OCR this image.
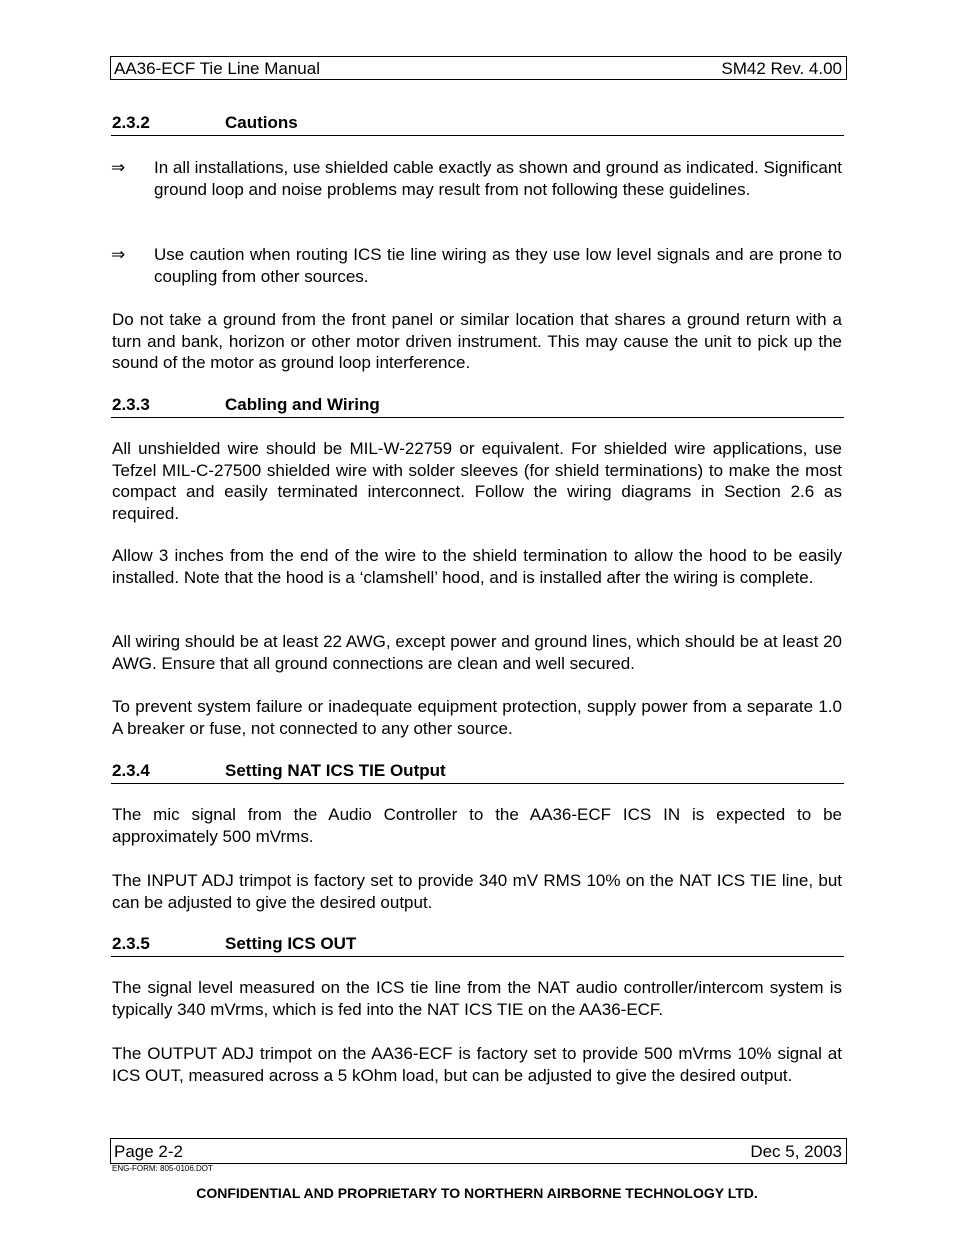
AA36-ECF Tie Line Manual	SM42 Rev. 4.00
2.3.2	Cautions
⇒	In all installations, use shielded cable exactly as shown and ground as indicated. Significant ground loop and noise problems may result from not following these guidelines.
⇒	Use caution when routing ICS tie line wiring as they use low level signals and are prone to coupling from other sources.

Do not take a ground from the front panel or similar location that shares a ground return with a turn and bank, horizon or other motor driven instrument. This may cause the unit to pick up the sound of the motor as ground loop interference.

2.3.3	Cabling and Wiring

All unshielded wire should be MIL-W-22759 or equivalent. For shielded wire applications, use Tefzel MIL-C-27500 shielded wire with solder sleeves (for shield terminations) to make the most compact and easily terminated interconnect. Follow the wiring diagrams in Section 2.6 as required.

Allow 3 inches from the end of the wire to the shield termination to allow the hood to be easily installed. Note that the hood is a ‘clamshell’ hood, and is installed after the wiring is complete.

All wiring should be at least 22 AWG, except power and ground lines, which should be at least 20 AWG. Ensure that all ground connections are clean and well secured.

To prevent system failure or inadequate equipment protection, supply power from a separate 1.0 A breaker or fuse, not connected to any other source.

2.3.4	Setting NAT ICS TIE Output

The mic signal from the Audio Controller to the AA36-ECF ICS IN is expected to be approximately 500 mVrms.

The INPUT ADJ trimpot is factory set to provide 340 mV RMS 10% on the NAT ICS TIE line, but can be adjusted to give the desired output.

2.3.5	Setting ICS OUT

The signal level measured on the ICS tie line from the NAT audio controller/intercom system is typically 340 mVrms, which is fed into the NAT ICS TIE on the AA36-ECF.

The OUTPUT ADJ trimpot on the AA36-ECF is factory set to provide 500 mVrms 10% signal at ICS OUT, measured across a 5 kOhm load, but can be adjusted to give the desired output.

Page 2-2	Dec 5, 2003
ENG-FORM: 805-0106.DOT
CONFIDENTIAL AND PROPRIETARY TO NORTHERN AIRBORNE TECHNOLOGY LTD.
